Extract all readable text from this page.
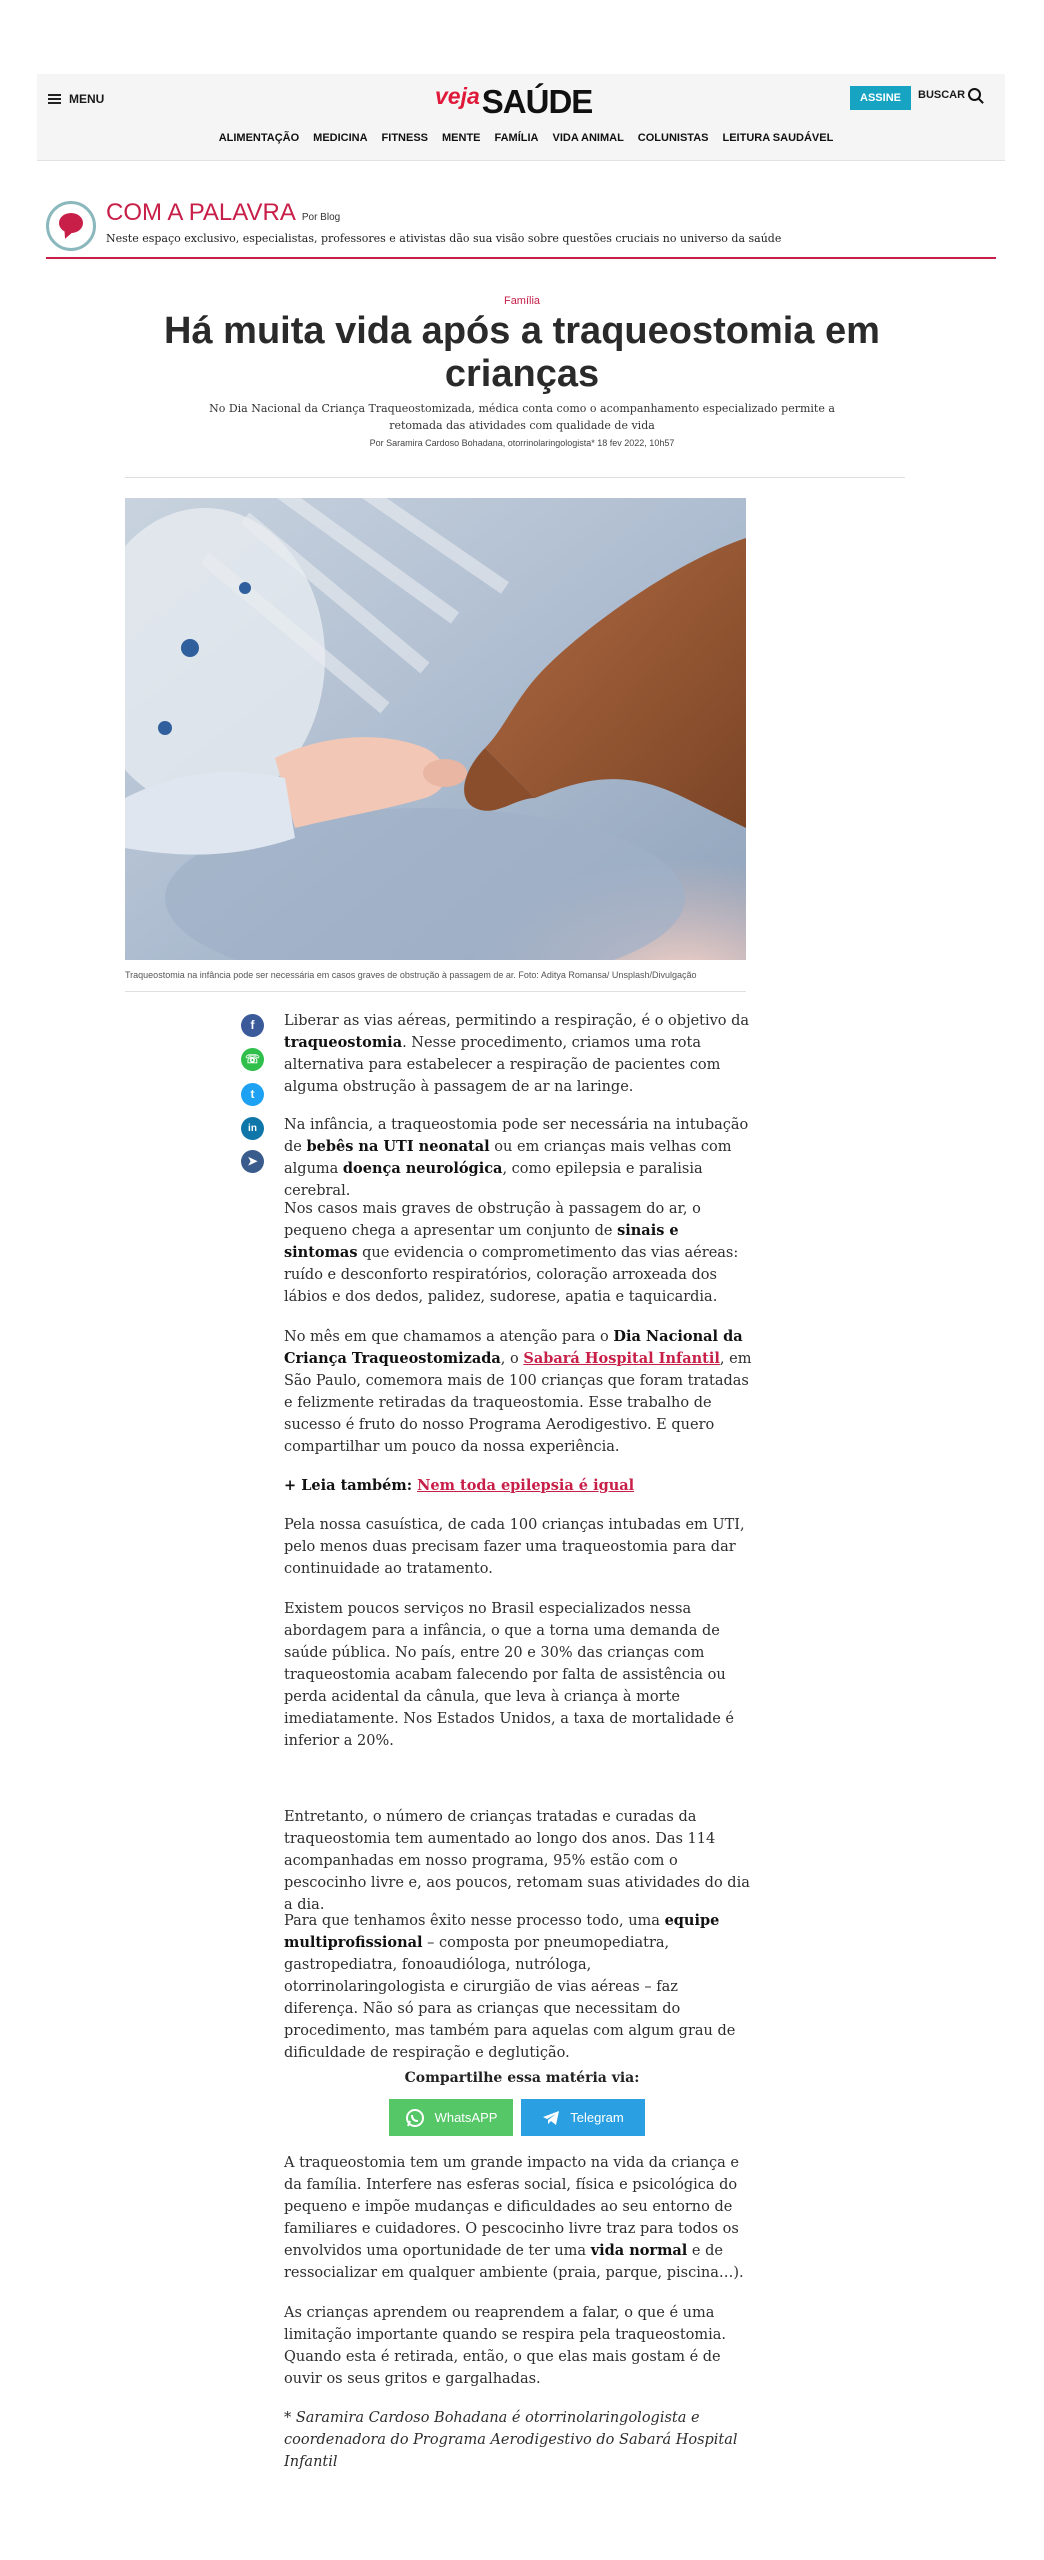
MENU	veja SAÚDE	ASSINE	BUSCAR
ALIMENTAÇÃO MEDICINA FITNESS MENTE FAMÍLIA VIDA ANIMAL COLUNISTAS LEITURA SAUDÁVEL
COM A PALAVRA Por Blog
Neste espaço exclusivo, especialistas, professores e ativistas dão sua visão sobre questões cruciais no universo da saúde
Família
Há muita vida após a traqueostomia em crianças
No Dia Nacional da Criança Traqueostomizada, médica conta como o acompanhamento especializado permite a retomada das atividades com qualidade de vida
Por Saramira Cardoso Bohadana, otorrinolaringologista* 18 fev 2022, 10h57
Traqueostomia na infância pode ser necessária em casos graves de obstrução à passagem de ar. Foto: Aditya Romansa/ Unsplash/Divulgação
f
☏
t
in
➤

Liberar as vias aéreas, permitindo a respiração, é o objetivo da traqueostomia. Nesse procedimento, criamos uma rota alternativa para estabelecer a respiração de pacientes com alguma obstrução à passagem de ar na laringe.

Na infância, a traqueostomia pode ser necessária na intubação de bebês na UTI neonatal ou em crianças mais velhas com alguma doença neurológica, como epilepsia e paralisia cerebral.

Nos casos mais graves de obstrução à passagem do ar, o pequeno chega a apresentar um conjunto de sinais e sintomas que evidencia o comprometimento das vias aéreas: ruído e desconforto respiratórios, coloração arroxeada dos lábios e dos dedos, palidez, sudorese, apatia e taquicardia.

No mês em que chamamos a atenção para o Dia Nacional da Criança Traqueostomizada, o Sabará Hospital Infantil, em São Paulo, comemora mais de 100 crianças que foram tratadas e felizmente retiradas da traqueostomia. Esse trabalho de sucesso é fruto do nosso Programa Aerodigestivo. E quero compartilhar um pouco da nossa experiência.

+ Leia também: Nem toda epilepsia é igual

Pela nossa casuística, de cada 100 crianças intubadas em UTI, pelo menos duas precisam fazer uma traqueostomia para dar continuidade ao tratamento.

Existem poucos serviços no Brasil especializados nessa abordagem para a infância, o que a torna uma demanda de saúde pública. No país, entre 20 e 30% das crianças com traqueostomia acabam falecendo por falta de assistência ou perda acidental da cânula, que leva à criança à morte imediatamente. Nos Estados Unidos, a taxa de mortalidade é inferior a 20%.

Entretanto, o número de crianças tratadas e curadas da traqueostomia tem aumentado ao longo dos anos. Das 114 acompanhadas em nosso programa, 95% estão com o pescocinho livre e, aos poucos, retomam suas atividades do dia a dia.

Para que tenhamos êxito nesse processo todo, uma equipe multiprofissional – composta por pneumopediatra, gastropediatra, fonoaudióloga, nutróloga, otorrinolaringologista e cirurgião de vias aéreas – faz diferença. Não só para as crianças que necessitam do procedimento, mas também para aquelas com algum grau de dificuldade de respiração e deglutição.

Compartilhe essa matéria via:
WhatsAPP	Telegram

A traqueostomia tem um grande impacto na vida da criança e da família. Interfere nas esferas social, física e psicológica do pequeno e impõe mudanças e dificuldades ao seu entorno de familiares e cuidadores. O pescocinho livre traz para todos os envolvidos uma oportunidade de ter uma vida normal e de ressocializar em qualquer ambiente (praia, parque, piscina…).

As crianças aprendem ou reaprendem a falar, o que é uma limitação importante quando se respira pela traqueostomia. Quando esta é retirada, então, o que elas mais gostam é de ouvir os seus gritos e gargalhadas.

* Saramira Cardoso Bohadana é otorrinolaringologista e coordenadora do Programa Aerodigestivo do Sabará Hospital Infantil
